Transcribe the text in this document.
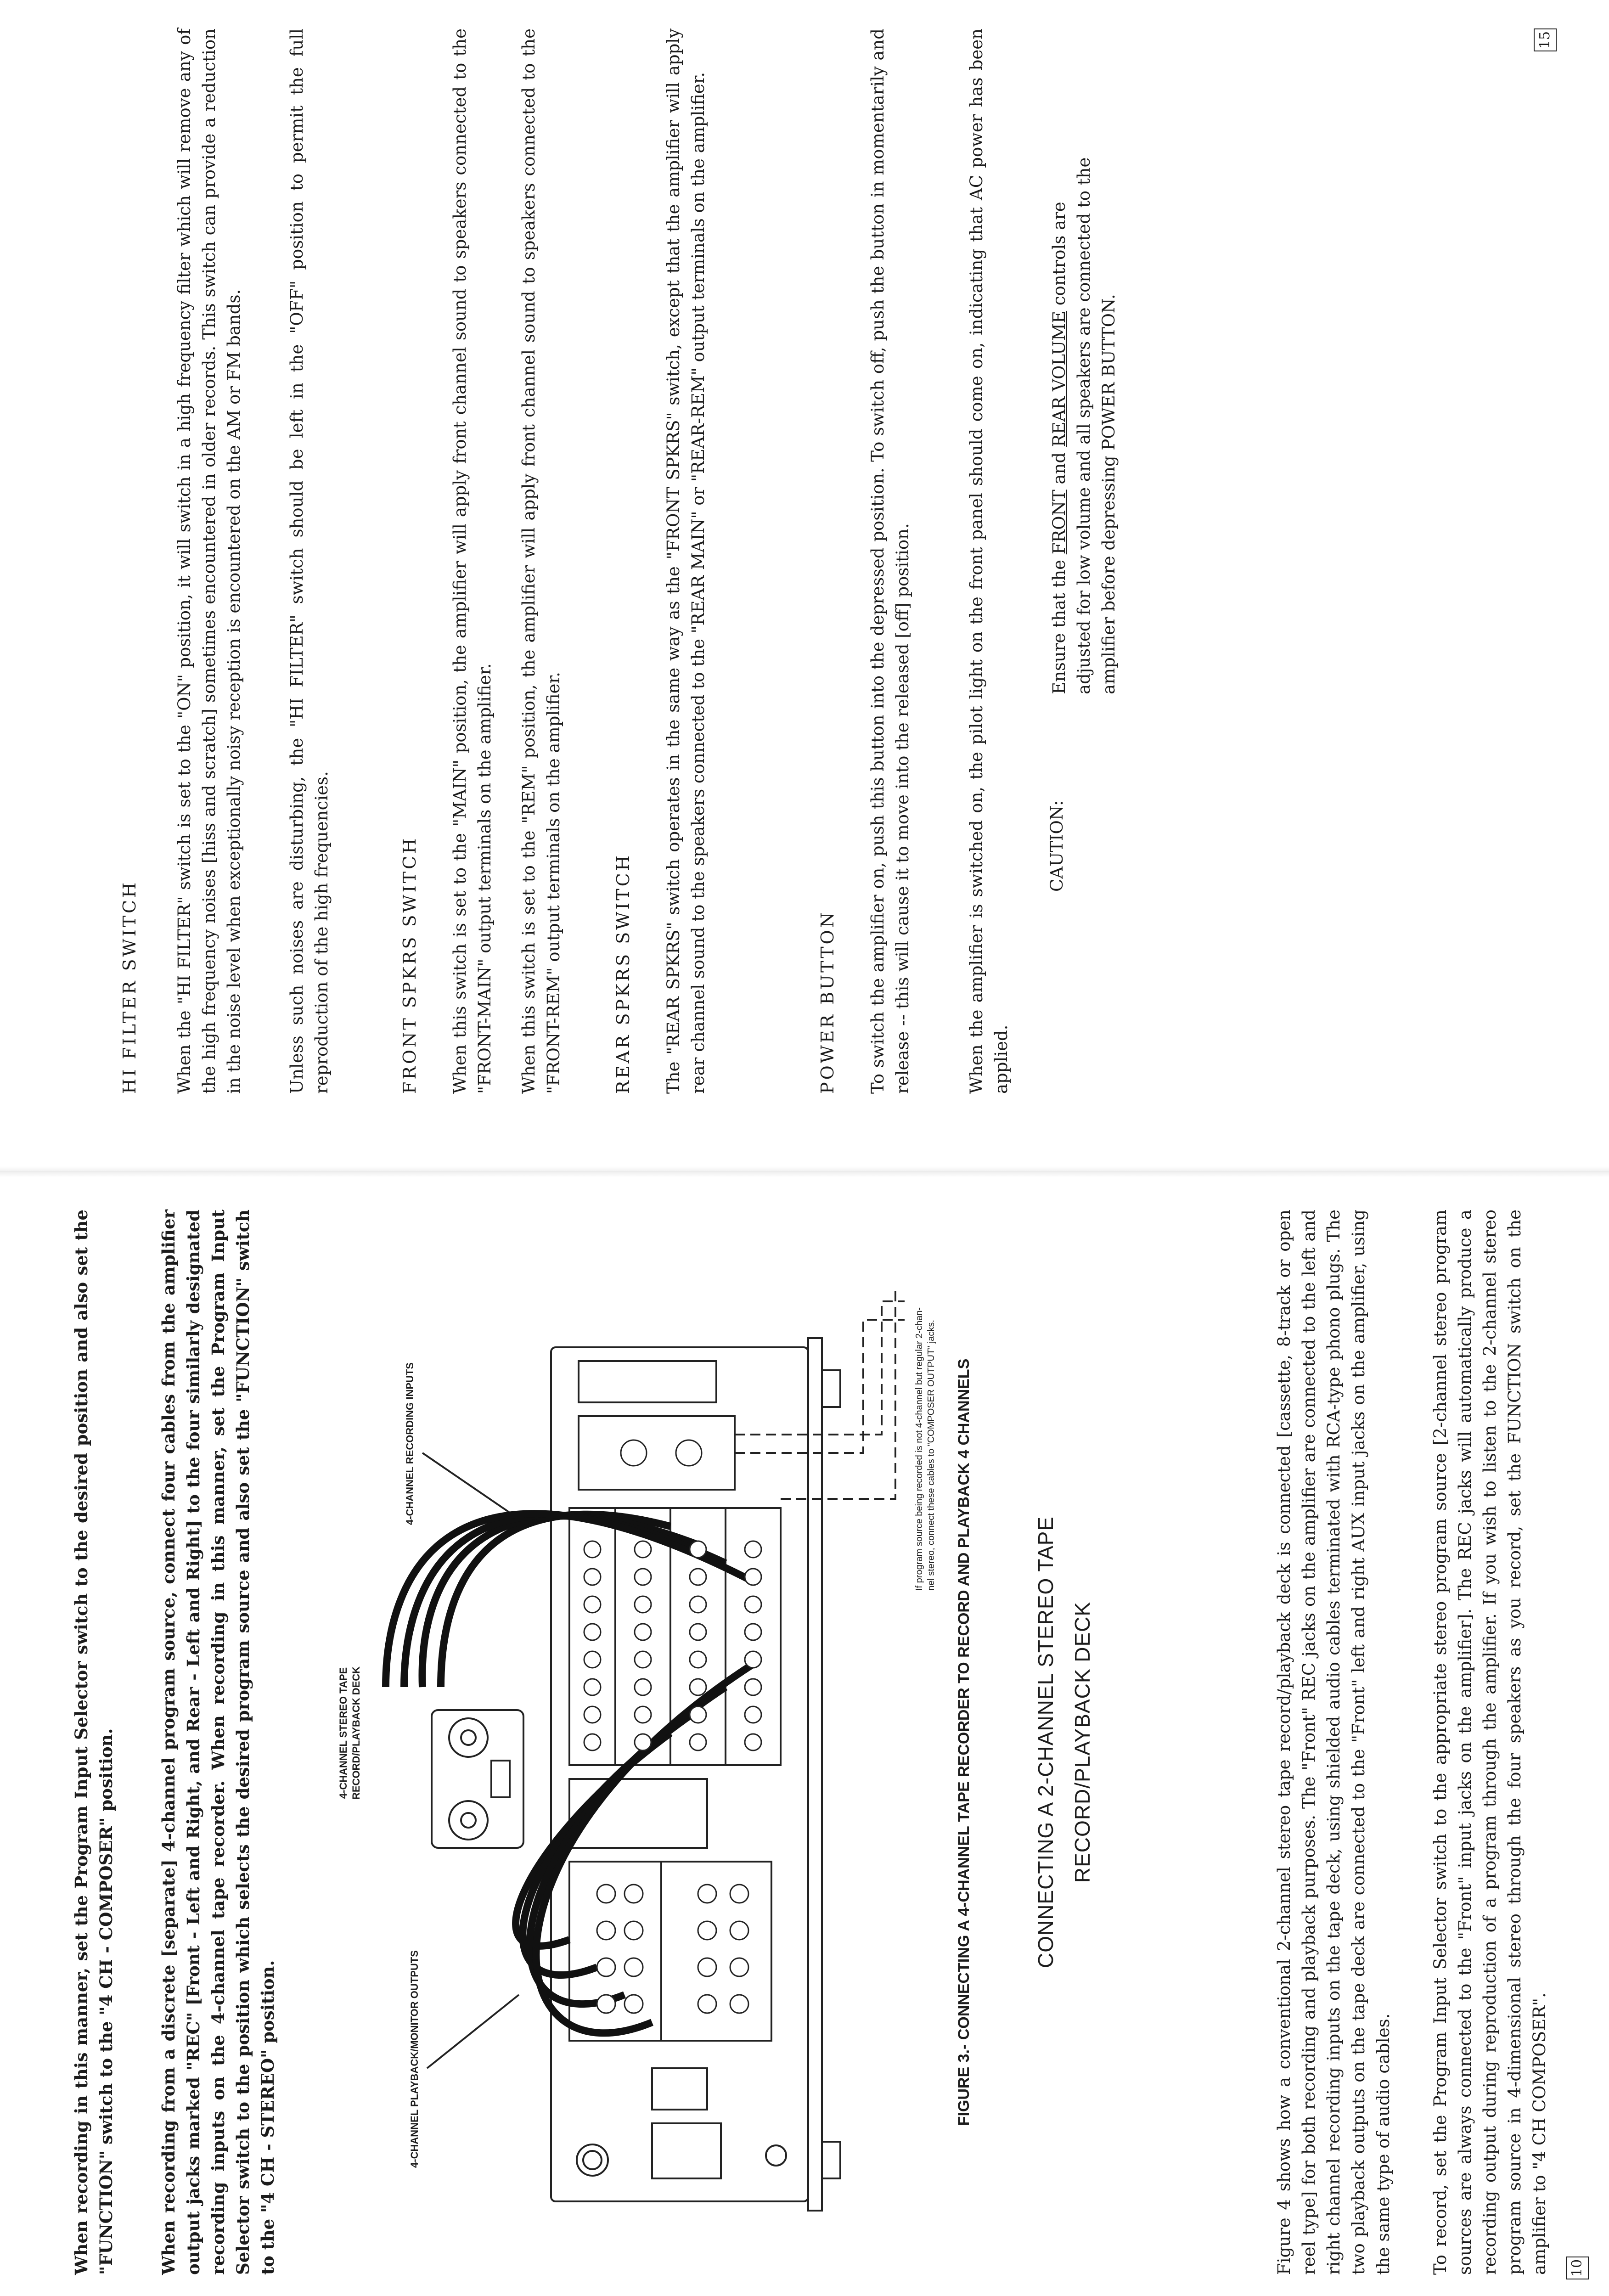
When recording in this manner, set the Program Input Selector switch to the desired position and also set the "FUNCTION" switch to the "4 CH - COMPOSER" position. When recording from a discrete [separate] 4-channel program source, connect four cables from the amplifier output jacks marked "REC" [Front - Left and Right, and Rear - Left and Right] to the four similarly designated recording inputs on the 4-channel tape recorder. When recording in this manner, set the Program Input Selector switch to the position which selects the desired program source and also set the "FUNCTION" switch to the "4 CH - STEREO" position.	4-CHANNEL PLAYBACK/MONITOR OUTPUTS
4-CHANNEL STEREO TAPE RECORD/PLAYBACK DECK
4-CHANNEL RECORDING INPUTS	If program source being recorded is not 4-channel but regular 2-chan- nel stereo, connect these cables to "COMPOSER OUTPUT" jacks. FIGURE 3.- CONNECTING A 4-CHANNEL TAPE RECORDER TO RECORD AND PLAYBACK 4 CHANNELS	CONNECTING A 2-CHANNEL STEREO TAPE RECORD/PLAYBACK DECK	Figure 4 shows how a conventional 2-channel stereo tape record/playback deck is connected [cassette, 8-track or open reel type] for both recording and playback purposes. The "Front" REC jacks on the amplifier are connected to the left and right channel recording inputs on the tape deck, using shielded audio cables terminated with RCA-type phono plugs. The two playback outputs on the tape deck are connected to the "Front" left and right AUX input jacks on the amplifier, using the same type of audio cables. To record, set the Program Input Selector switch to the appropriate stereo program source [2-channel stereo program sources are always connected to the "Front" input jacks on the amplifier]. The REC jacks will automatically produce a recording output during reproduction of a program through the amplifier. If you wish to listen to the 2-channel stereo program source in 4-dimensional stereo through the four speakers as you record, set the FUNCTION switch on the amplifier to "4 CH COMPOSER". 10
HI FILTER SWITCH When the "HI FILTER" switch is set to the "ON" position, it will switch in a high frequency filter which will remove any of the high frequency noises [hiss and scratch] sometimes encountered in older records. This switch can provide a reduction in the noise level when exceptionally noisy reception is encountered on the AM or FM bands.	Unless such noises are disturbing, the "HI FILTER" switch should be left in the "OFF" position to permit the full reproduction of the high frequencies.	FRONT SPKRS SWITCH When this switch is set to the "MAIN" position, the amplifier will apply front channel sound to speakers connected to the "FRONT-MAIN" output terminals on the amplifier. When this switch is set to the "REM" position, the amplifier will apply front channel sound to speakers connected to the "FRONT-REM" output terminals on the amplifier.	REAR SPKRS SWITCH The "REAR SPKRS" switch operates in the same way as the "FRONT SPKRS" switch, except that the amplifier will apply rear channel sound to the speakers connected to the "REAR MAIN" or "REAR-REM" output terminals on the amplifier.	POWER BUTTON To switch the amplifier on, push this button into the depressed position. To switch off, push the button in momentarily and release -- this will cause it to move into the released [off] position.	When the amplifier is switched on, the pilot light on the front panel should come on, indicating that AC power has been applied.

CAUTION:
Ensure that the FRONT and REAR VOLUME controls are adjusted for low volume and all speakers are connected to the amplifier before depressing POWER BUTTON.
15
